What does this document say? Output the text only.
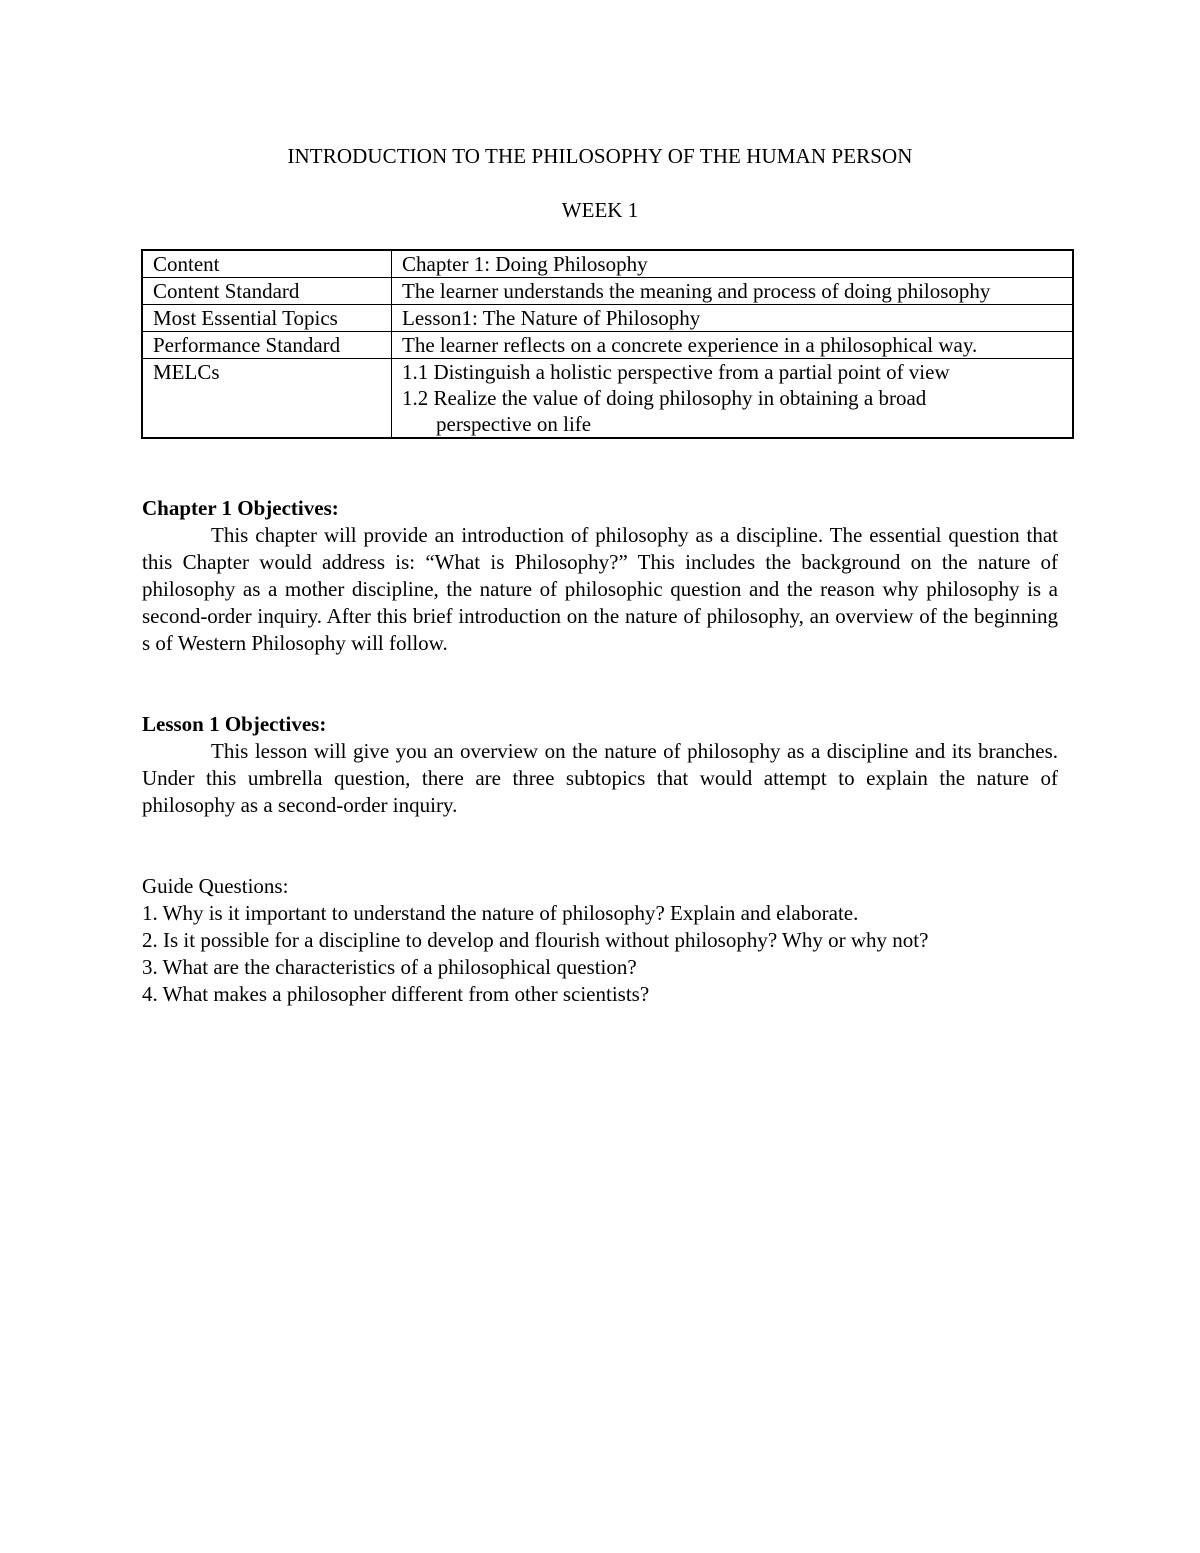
INTRODUCTION TO THE PHILOSOPHY OF THE HUMAN PERSON
WEEK 1
Content	Chapter 1: Doing Philosophy
Content Standard	The learner understands the meaning and process of doing philosophy
Most Essential Topics	Lesson1: The Nature of Philosophy
Performance Standard	The learner reflects on a concrete experience in a philosophical way.
MELCs	1.1 Distinguish a holistic perspective from a partial point of view
1.2 Realize the value of doing philosophy in obtaining a broad
perspective on life
Chapter 1 Objectives:

This chapter will provide an introduction of philosophy as a discipline. The essential question that this Chapter would address is: “What is Philosophy?” This includes the background on the nature of philosophy as a mother discipline, the nature of philosophic question and the reason why philosophy is a second-order inquiry. After this brief introduction on the nature of philosophy, an overview of the beginning s of Western Philosophy will follow.

Lesson 1 Objectives:

This lesson will give you an overview on the nature of philosophy as a discipline and its branches. Under this umbrella question, there are three subtopics that would attempt to explain the nature of philosophy as a second-order inquiry.

Guide Questions:
1. Why is it important to understand the nature of philosophy? Explain and elaborate.
2. Is it possible for a discipline to develop and flourish without philosophy? Why or why not?
3. What are the characteristics of a philosophical question?
4. What makes a philosopher different from other scientists?
